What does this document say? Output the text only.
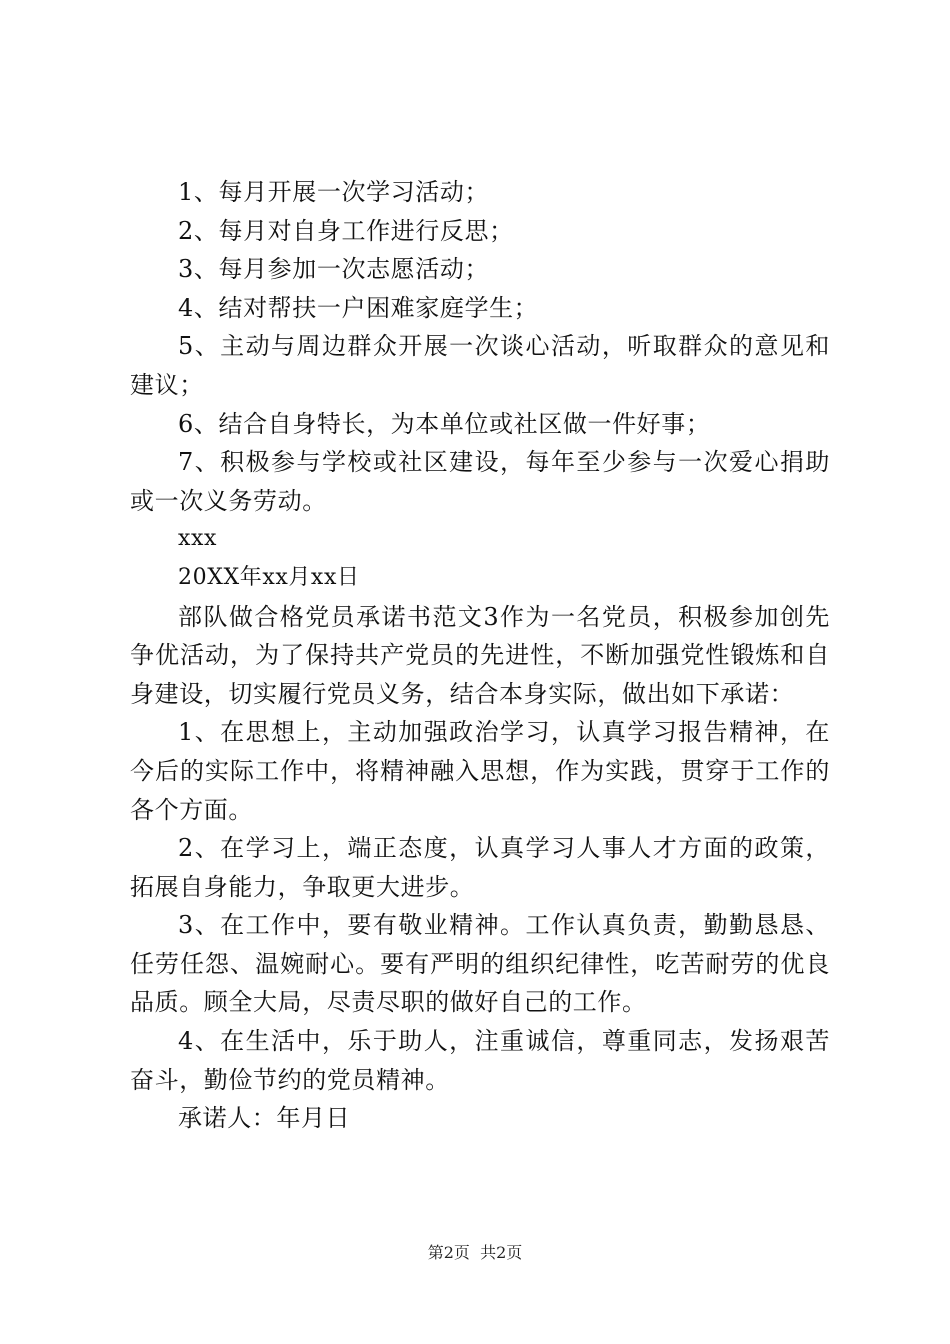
1、每月开展一次学习活动；

2、每月对自身工作进行反思；

3、每月参加一次志愿活动；

4、结对帮扶一户困难家庭学生；

5、主动与周边群众开展一次谈心活动，听取群众的意见和建议；

6、结合自身特长，为本单位或社区做一件好事；

7、积极参与学校或社区建设，每年至少参与一次爱心捐助或一次义务劳动。

xxx

20XX年xx月xx日

部队做合格党员承诺书范文3作为一名党员，积极参加创先争优活动，为了保持共产党员的先进性，不断加强党性锻炼和自身建设，切实履行党员义务，结合本身实际，做出如下承诺：

1、在思想上，主动加强政治学习，认真学习报告精神，在今后的实际工作中，将精神融入思想，作为实践，贯穿于工作的各个方面。

2、在学习上，端正态度，认真学习人事人才方面的政策，拓展自身能力，争取更大进步。

3、在工作中，要有敬业精神。工作认真负责，勤勤恳恳、任劳任怨、温婉耐心。要有严明的组织纪律性，吃苦耐劳的优良品质。顾全大局，尽责尽职的做好自己的工作。

4、在生活中，乐于助人，注重诚信，尊重同志，发扬艰苦奋斗，勤俭节约的党员精神。

承诺人：年月日

第2页  共2页
